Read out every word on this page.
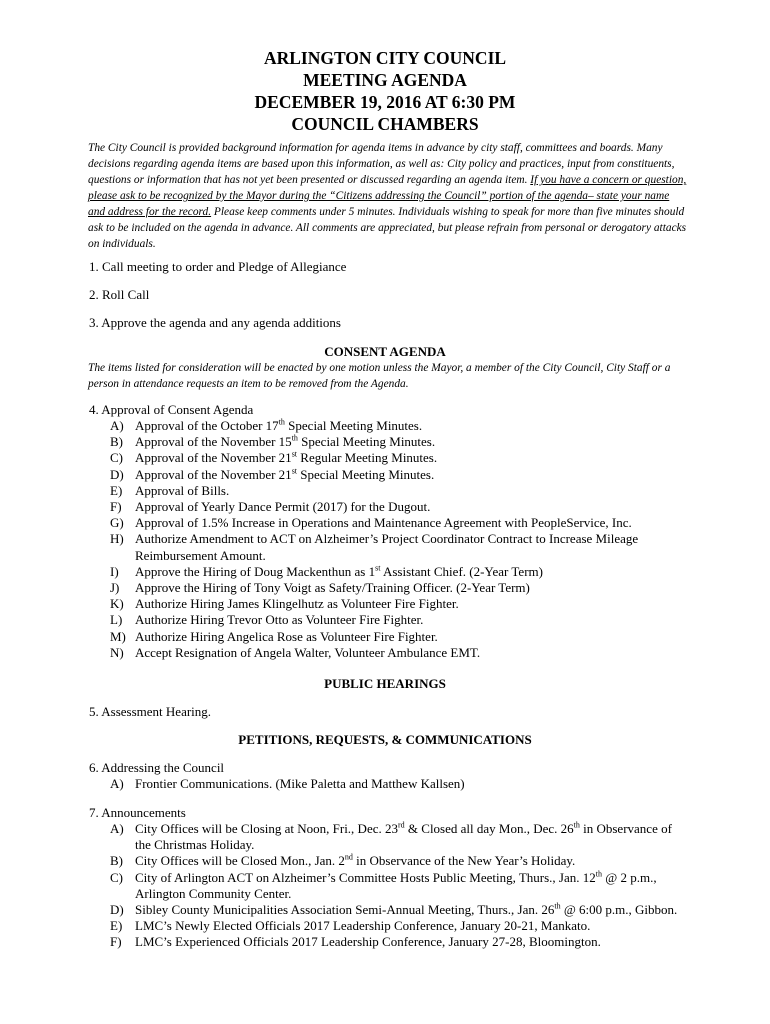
ARLINGTON CITY COUNCIL

MEETING AGENDA

DECEMBER 19, 2016 AT 6:30 PM

COUNCIL CHAMBERS

The City Council is provided background information for agenda items in advance by city staff, committees and boards. Many decisions regarding agenda items are based upon this information, as well as: City policy and practices, input from constituents, questions or information that has not yet been presented or discussed regarding an agenda item. If you have a concern or question, please ask to be recognized by the Mayor during the “Citizens addressing the Council” portion of the agenda– state your name and address for the record. Please keep comments under 5 minutes. Individuals wishing to speak for more than five minutes should ask to be included on the agenda in advance. All comments are appreciated, but please refrain from personal or derogatory attacks on individuals.

1. Call meeting to order and Pledge of Allegiance

2. Roll Call

3. Approve the agenda and any agenda additions

CONSENT AGENDA

The items listed for consideration will be enacted by one motion unless the Mayor, a member of the City Council, City Staff or a person in attendance requests an item to be removed from the Agenda.

4. Approval of Consent Agenda

A) Approval of the October 17th Special Meeting Minutes.
B) Approval of the November 15th Special Meeting Minutes.
C) Approval of the November 21st Regular Meeting Minutes.
D) Approval of the November 21st Special Meeting Minutes.
E) Approval of Bills.
F)	Approval of Yearly Dance Permit (2017) for the Dugout.
G) Approval of 1.5% Increase in Operations and Maintenance Agreement with PeopleService, Inc.
H) Authorize Amendment to ACT on Alzheimer’s Project Coordinator Contract to Increase Mileage Reimbursement Amount.
I)	Approve the Hiring of Doug Mackenthun as 1st Assistant Chief. (2-Year Term)
J)	Approve the Hiring of Tony Voigt as Safety/Training Officer. (2-Year Term)
K) Authorize Hiring James Klingelhutz as Volunteer Fire Fighter.
L) Authorize Hiring Trevor Otto as Volunteer Fire Fighter.
M) Authorize Hiring Angelica Rose as Volunteer Fire Fighter.
N) Accept Resignation of Angela Walter, Volunteer Ambulance EMT.

PUBLIC HEARINGS

5. Assessment Hearing.

PETITIONS, REQUESTS, & COMMUNICATIONS

6. Addressing the Council

A) Frontier Communications. (Mike Paletta and Matthew Kallsen)

7. Announcements

A) City Offices will be Closing at Noon, Fri., Dec. 23rd & Closed all day Mon., Dec. 26th in Observance of the Christmas Holiday.
B) City Offices will be Closed Mon., Jan. 2nd in Observance of the New Year’s Holiday.
C) City of Arlington ACT on Alzheimer’s Committee Hosts Public Meeting, Thurs., Jan. 12th @ 2 p.m., Arlington Community Center.
D) Sibley County Municipalities Association Semi-Annual Meeting, Thurs., Jan. 26th @ 6:00 p.m., Gibbon.
E) LMC’s Newly Elected Officials 2017 Leadership Conference, January 20-21, Mankato.
F)	LMC’s Experienced Officials 2017 Leadership Conference, January 27-28, Bloomington.
